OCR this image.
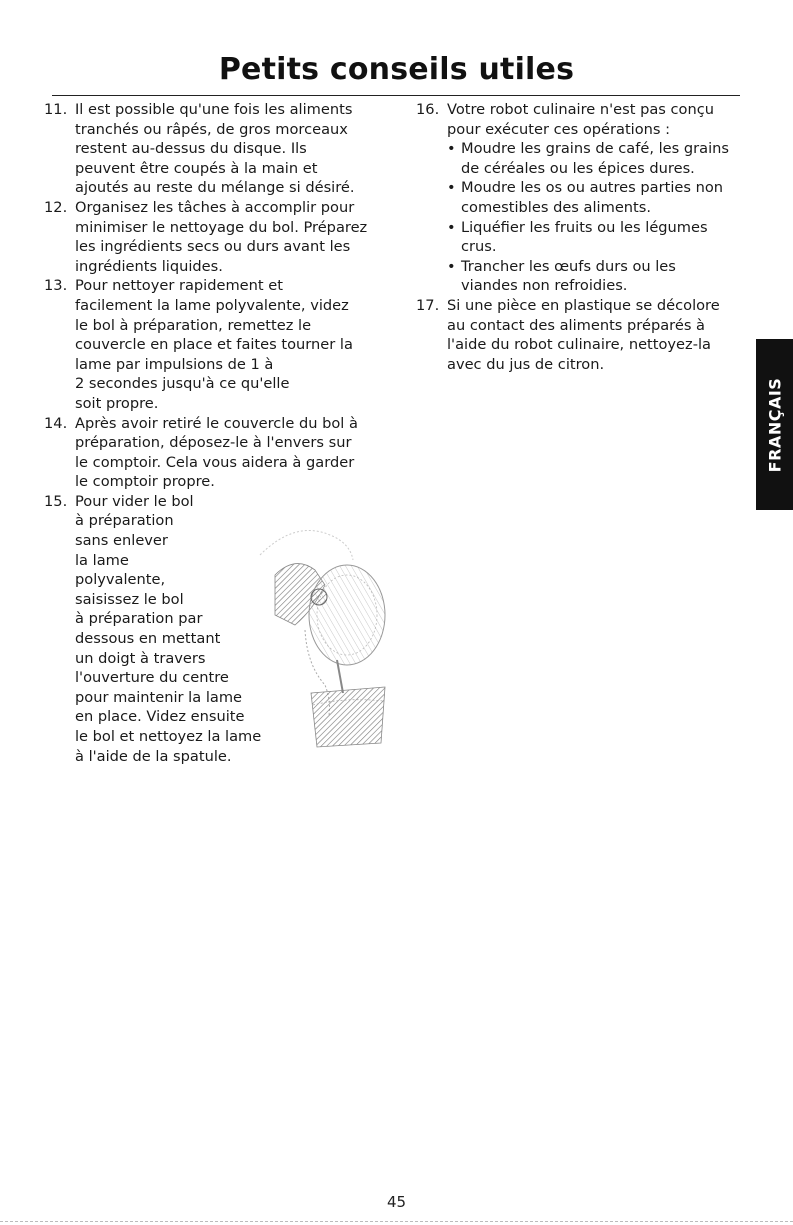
Petits conseils utiles
11. Il est possible qu'une fois les aliments
tranchés ou râpés, de gros morceaux
restent au-dessus du disque. Ils
peuvent être coupés à la main et
ajoutés au reste du mélange si désiré.
12. Organisez les tâches à accomplir pour
minimiser le nettoyage du bol. Préparez
les ingrédients secs ou durs avant les
ingrédients liquides.
13. Pour nettoyer rapidement et
facilement la lame polyvalente, videz
le bol à préparation, remettez le
couvercle en place et faites tourner la
lame par impulsions de 1 à
2 secondes jusqu'à ce qu'elle
soit propre.
14. Après avoir retiré le couvercle du bol à
préparation, déposez-le à l'envers sur
le comptoir. Cela vous aidera à garder
le comptoir propre.
15. Pour vider le bol
à préparation
sans enlever
la lame
polyvalente,
saisissez le bol
à préparation par
dessous en mettant
un doigt à travers
l'ouverture du centre
pour maintenir la lame
en place. Videz ensuite
le bol et nettoyez la lame
à l'aide de la spatule.
16. Votre robot culinaire n'est pas conçu
pour exécuter ces opérations :
• Moudre les grains de café, les grains
de céréales ou les épices dures.
• Moudre les os ou autres parties non
comestibles des aliments.
• Liquéfier les fruits ou les légumes
crus.
• Trancher les œufs durs ou les
viandes non refroidies.
17. Si une pièce en plastique se décolore
au contact des aliments préparés à
l'aide du robot culinaire, nettoyez-la
avec du jus de citron.
FRANÇAIS
45
